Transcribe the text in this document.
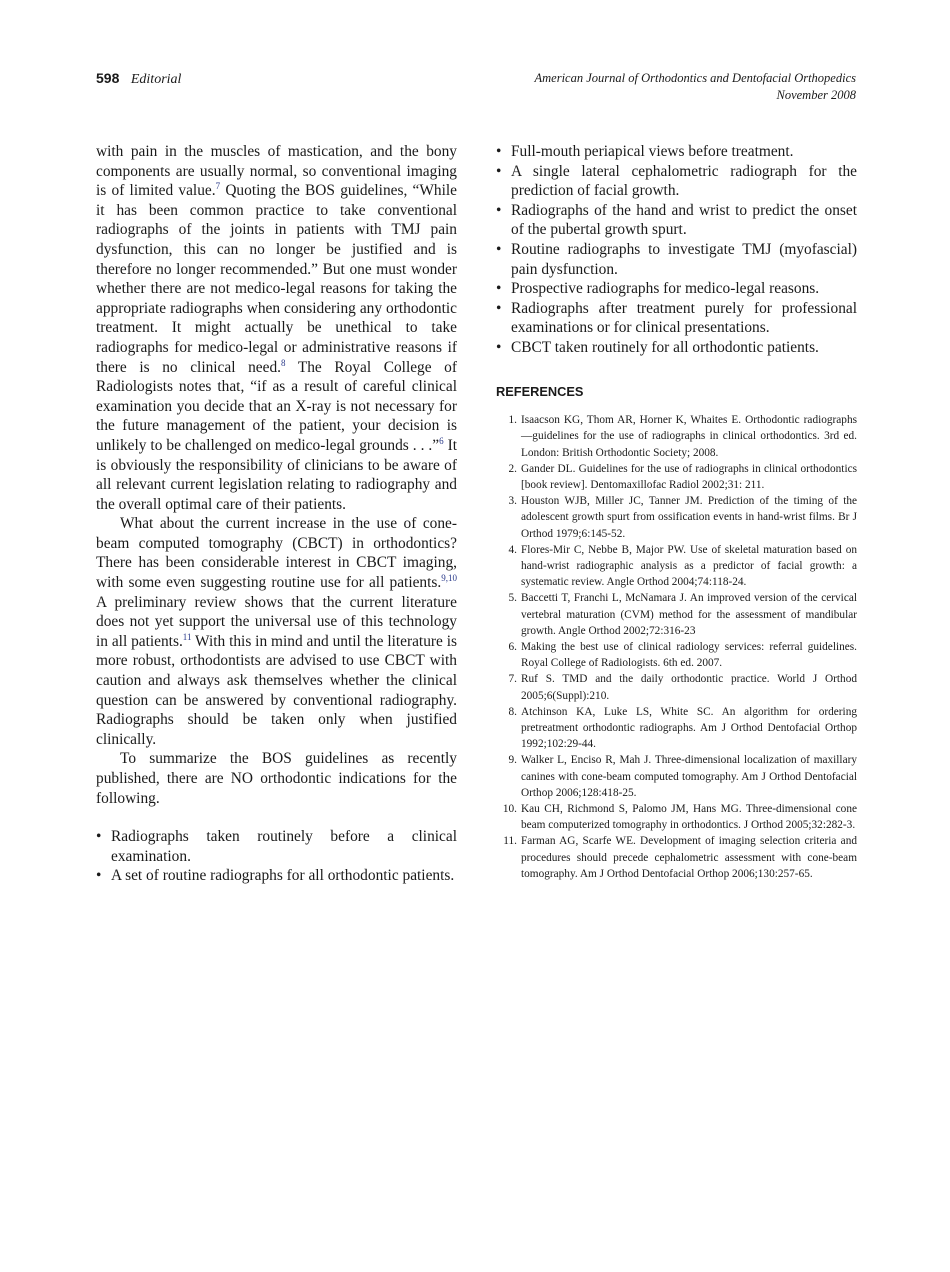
598 Editorial	American Journal of Orthodontics and Dentofacial Orthopedics
November 2008

with pain in the muscles of mastication, and the bony components are usually normal, so conventional imaging is of limited value.$^7$ Quoting the BOS guidelines, “While it has been common practice to take conventional radiographs of the joints in patients with TMJ pain dysfunction, this can no longer be justified and is therefore no longer recommended.” But one must wonder whether there are not medico-legal reasons for taking the appropriate radiographs when considering any orthodontic treatment. It might actually be unethical to take radiographs for medico-legal or administrative reasons if there is no clinical need.$^8$ The Royal College of Radiologists notes that, “if as a result of careful clinical examination you decide that an X-ray is not necessary for the future management of the patient, your decision is unlikely to be challenged on medico-legal grounds . . .”$^6$ It is obviously the responsibility of clinicians to be aware of all relevant current legislation relating to radiography and the overall optimal care of their patients.

What about the current increase in the use of cone-beam computed tomography (CBCT) in orthodontics? There has been considerable interest in CBCT imaging, with some even suggesting routine use for all patients.$^{9,10}$ A preliminary review shows that the current literature does not yet support the universal use of this technology in all patients.$^{11}$ With this in mind and until the literature is more robust, orthodontists are advised to use CBCT with caution and always ask themselves whether the clinical question can be answered by conventional radiography. Radiographs should be taken only when justified clinically.

To summarize the BOS guidelines as recently published, there are NO orthodontic indications for the following.

• Radiographs taken routinely before a clinical examination.
• A set of routine radiographs for all orthodontic patients.
• Full-mouth periapical views before treatment.
• A single lateral cephalometric radiograph for the prediction of facial growth.
• Radiographs of the hand and wrist to predict the onset of the pubertal growth spurt.
• Routine radiographs to investigate TMJ (myofascial) pain dysfunction.
• Prospective radiographs for medico-legal reasons.
• Radiographs after treatment purely for professional examinations or for clinical presentations.
• CBCT taken routinely for all orthodontic patients.
REFERENCES
1. Isaacson KG, Thom AR, Horner K, Whaites E. Orthodontic radiographs—guidelines for the use of radiographs in clinical orthodontics. 3rd ed. London: British Orthodontic Society; 2008.
2. Gander DL. Guidelines for the use of radiographs in clinical orthodontics [book review]. Dentomaxillofac Radiol 2002;31: 211.
3. Houston WJB, Miller JC, Tanner JM. Prediction of the timing of the adolescent growth spurt from ossification events in hand-wrist films. Br J Orthod 1979;6:145-52.
4. Flores-Mir C, Nebbe B, Major PW. Use of skeletal maturation based on hand-wrist radiographic analysis as a predictor of facial growth: a systematic review. Angle Orthod 2004;74:118-24.
5. Baccetti T, Franchi L, McNamara J. An improved version of the cervical vertebral maturation (CVM) method for the assessment of mandibular growth. Angle Orthod 2002;72:316-23
6. Making the best use of clinical radiology services: referral guidelines. Royal College of Radiologists. 6th ed. 2007.
7. Ruf S. TMD and the daily orthodontic practice. World J Orthod 2005;6(Suppl):210.
8. Atchinson KA, Luke LS, White SC. An algorithm for ordering pretreatment orthodontic radiographs. Am J Orthod Dentofacial Orthop 1992;102:29-44.
9. Walker L, Enciso R, Mah J. Three-dimensional localization of maxillary canines with cone-beam computed tomography. Am J Orthod Dentofacial Orthop 2006;128:418-25.
10. Kau CH, Richmond S, Palomo JM, Hans MG. Three-dimensional cone beam computerized tomography in orthodontics. J Orthod 2005;32:282-3.
11. Farman AG, Scarfe WE. Development of imaging selection criteria and procedures should precede cephalometric assessment with cone-beam tomography. Am J Orthod Dentofacial Orthop 2006;130:257-65.
